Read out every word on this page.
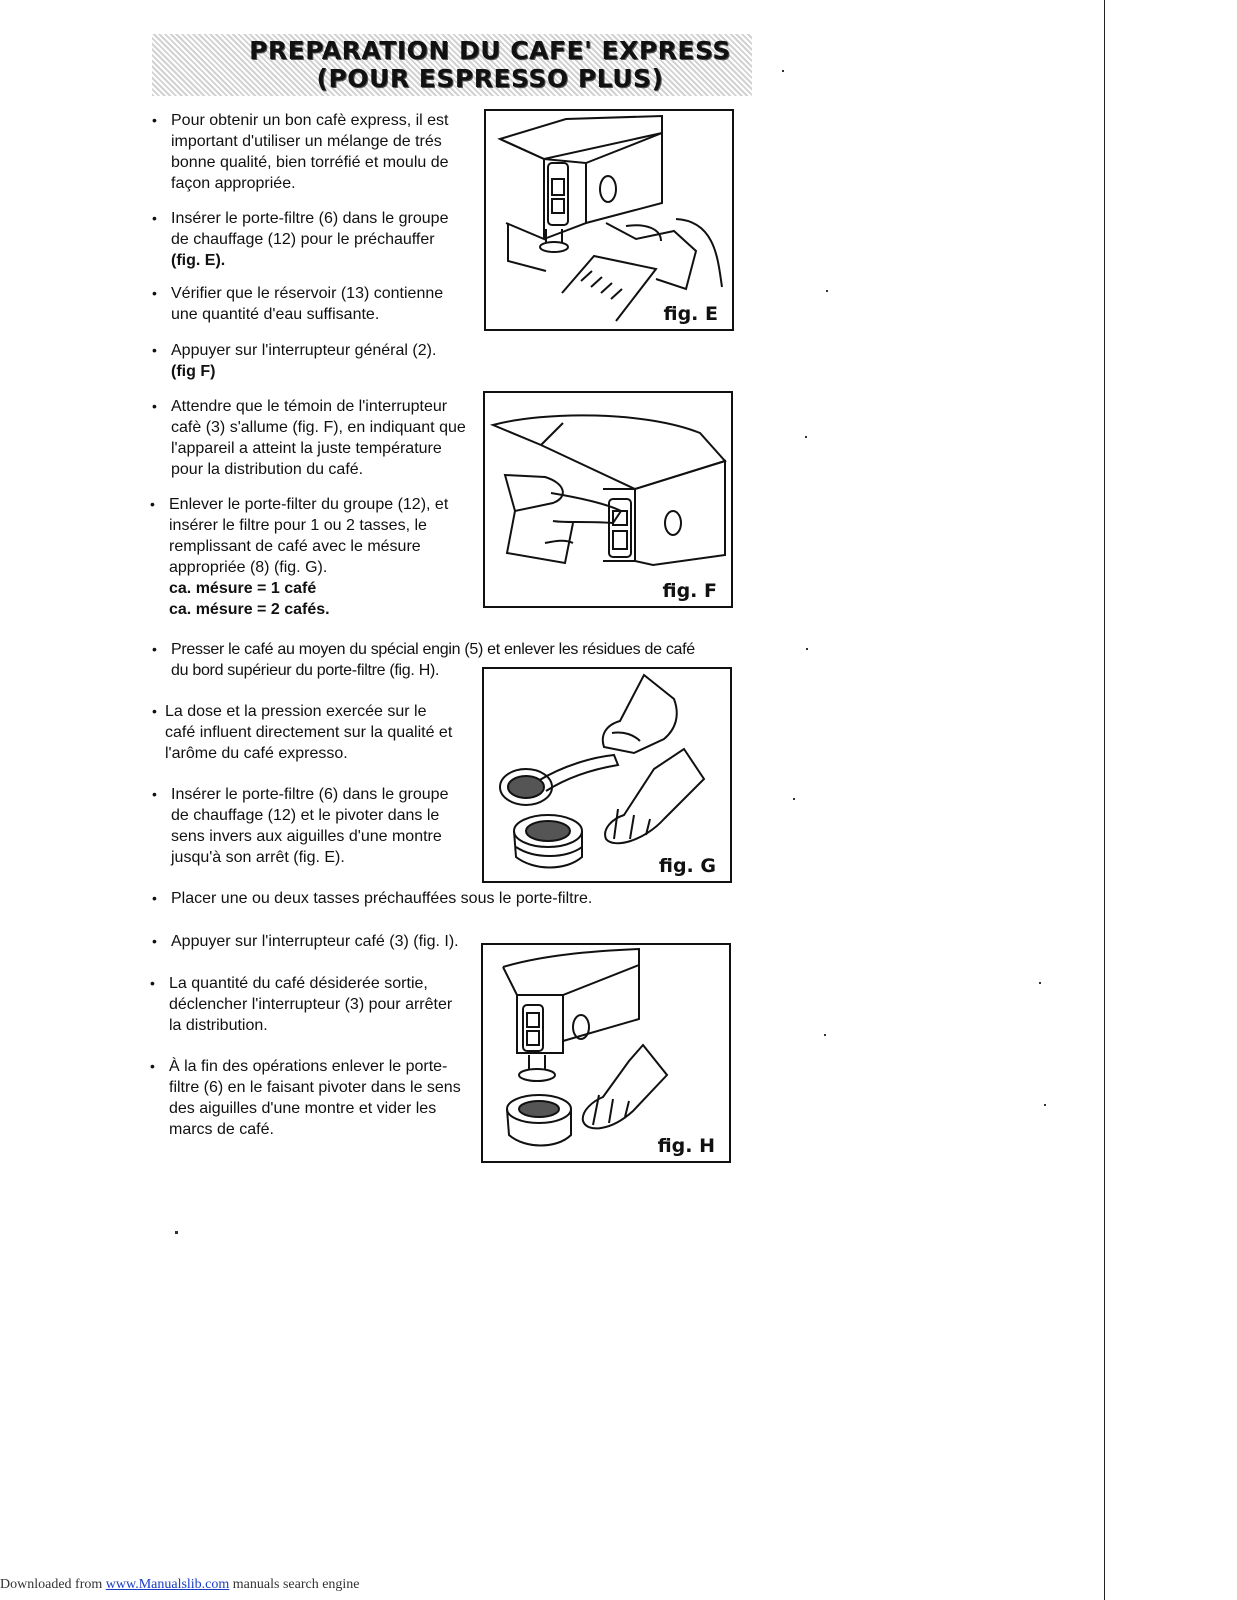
PREPARATION DU CAFE' EXPRESS
(POUR ESPRESSO PLUS)
• Pour obtenir un bon cafè express, il est
important d'utiliser un mélange de trés
bonne qualité, bien torréfié et moulu de
façon appropriée.
• Insérer le porte-filtre (6) dans le groupe
de chauffage (12) pour le préchauffer
(fig. E).
• Vérifier que le réservoir (13) contienne
une quantité d'eau suffisante.
• Appuyer sur l'interrupteur général (2).
(fig F)
• Attendre que le témoin de l'interrupteur
cafè (3) s'allume (fig. F), en indiquant que
l'appareil a atteint la juste température
pour la distribution du café.
• Enlever le porte-filter du groupe (12), et
insérer le filtre pour 1 ou 2 tasses, le
remplissant de café avec le mésure
appropriée (8) (fig. G).
ca. mésure = 1 café
ca. mésure = 2 cafés.
• Presser le café au moyen du spécial engin (5) et enlever les résidues de café
du bord supérieur du porte-filtre (fig. H).
• La dose et la pression exercée sur le
café influent directement sur la qualité et
l'arôme du café expresso.
• Insérer le porte-filtre (6) dans le groupe
de chauffage (12) et le pivoter dans le
sens invers aux aiguilles d'une montre
jusqu'à son arrêt (fig. E).
• Placer une ou deux tasses préchauffées sous le porte-filtre.
• Appuyer sur l'interrupteur café (3) (fig. I).
• La quantité du café désiderée sortie,
déclencher l'interrupteur (3) pour arrêter
la distribution.
• À la fin des opérations enlever le porte-
filtre (6) en le faisant pivoter dans le sens
des aiguilles d'une montre et vider les
marcs de café.
fig. E
fig. F
fig. G
fig. H
Downloaded from www.Manualslib.com manuals search engine
